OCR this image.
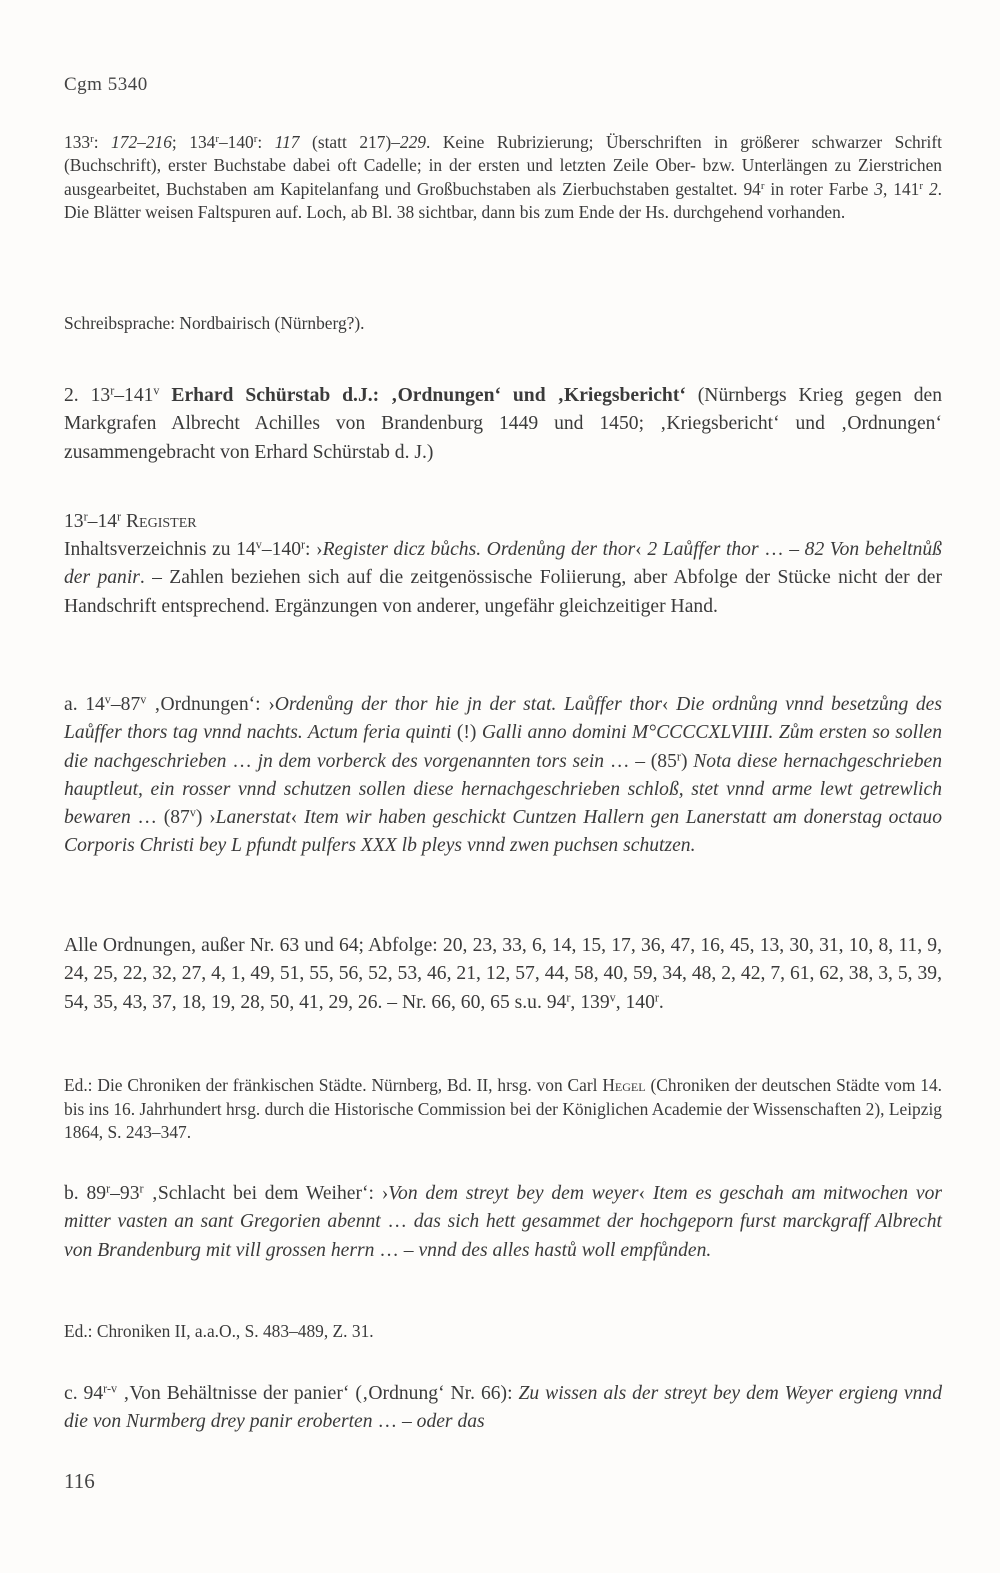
Cgm 5340

133$^r$: 172–216; 134$^r$–140$^r$: 117 (statt 217)–229. Keine Rubrizierung; Überschriften in größerer schwarzer Schrift (Buchschrift), erster Buchstabe dabei oft Cadelle; in der ersten und letzten Zeile Ober- bzw. Unterlängen zu Zierstrichen ausgearbeitet, Buchstaben am Kapitelanfang und Großbuchstaben als Zierbuchstaben gestaltet. 94$^r$ in roter Farbe 3, 141$^r$ 2. Die Blätter weisen Faltspuren auf. Loch, ab Bl. 38 sichtbar, dann bis zum Ende der Hs. durchgehend vorhanden.

Schreibsprache: Nordbairisch (Nürnberg?).

2. 13$^r$–141$^v$ Erhard Schürstab d.J.: ‚Ordnungen‘ und ‚Kriegsbericht‘ (Nürnbergs Krieg gegen den Markgrafen Albrecht Achilles von Brandenburg 1449 und 1450; ‚Kriegsbericht‘ und ‚Ordnungen‘ zusammengebracht von Erhard Schürstab d. J.)

13$^r$–14$^r$ Register

Inhaltsverzeichnis zu 14$^v$–140$^r$: ›Register dicz bůchs. Ordenůng der thor‹ 2 Laůffer thor … – 82 Von beheltnůß der panir. – Zahlen beziehen sich auf die zeitgenössische Foliierung, aber Abfolge der Stücke nicht der der Handschrift entsprechend. Ergänzungen von anderer, ungefähr gleichzeitiger Hand.

a. 14$^v$–87$^v$ ‚Ordnungen‘: ›Ordenůng der thor hie jn der stat. Laůffer thor‹ Die ordnůng vnnd besetzůng des Laůffer thors tag vnnd nachts. Actum feria quinti (!) Galli anno domini M°CCCCXLVIIII. Zům ersten so sollen die nachgeschrieben … jn dem vorberck des vorgenannten tors sein … – (85$^r$) Nota diese hernachgeschrieben hauptleut, ein rosser vnnd schutzen sollen diese hernachgeschrieben schloß, stet vnnd arme lewt getrewlich bewaren … (87$^v$) ›Lanerstat‹ Item wir haben geschickt Cuntzen Hallern gen Lanerstatt am donerstag octauo Corporis Christi bey L pfundt pulfers XXX lb pleys vnnd zwen puchsen schutzen.

Alle Ordnungen, außer Nr. 63 und 64; Abfolge: 20, 23, 33, 6, 14, 15, 17, 36, 47, 16, 45, 13, 30, 31, 10, 8, 11, 9, 24, 25, 22, 32, 27, 4, 1, 49, 51, 55, 56, 52, 53, 46, 21, 12, 57, 44, 58, 40, 59, 34, 48, 2, 42, 7, 61, 62, 38, 3, 5, 39, 54, 35, 43, 37, 18, 19, 28, 50, 41, 29, 26. – Nr. 66, 60, 65 s.u. 94$^r$, 139$^v$, 140$^r$.

Ed.: Die Chroniken der fränkischen Städte. Nürnberg, Bd. II, hrsg. von Carl Hegel (Chroniken der deutschen Städte vom 14. bis ins 16. Jahrhundert hrsg. durch die Historische Commission bei der Königlichen Academie der Wissenschaften 2), Leipzig 1864, S. 243–347.

b. 89$^r$–93$^r$ ‚Schlacht bei dem Weiher‘: ›Von dem streyt bey dem weyer‹ Item es geschah am mitwochen vor mitter vasten an sant Gregorien abennt … das sich hett gesammet der hochgeporn furst marckgraff Albrecht von Brandenburg mit vill grossen herrn … – vnnd des alles hastů woll empfůnden.

Ed.: Chroniken II, a.a.O., S. 483–489, Z. 31.

c. 94$^{r-v}$ ‚Von Behältnisse der panier‘ (‚Ordnung‘ Nr. 66): Zu wissen als der streyt bey dem Weyer ergieng vnnd die von Nurmberg drey panir eroberten … – oder das

116
